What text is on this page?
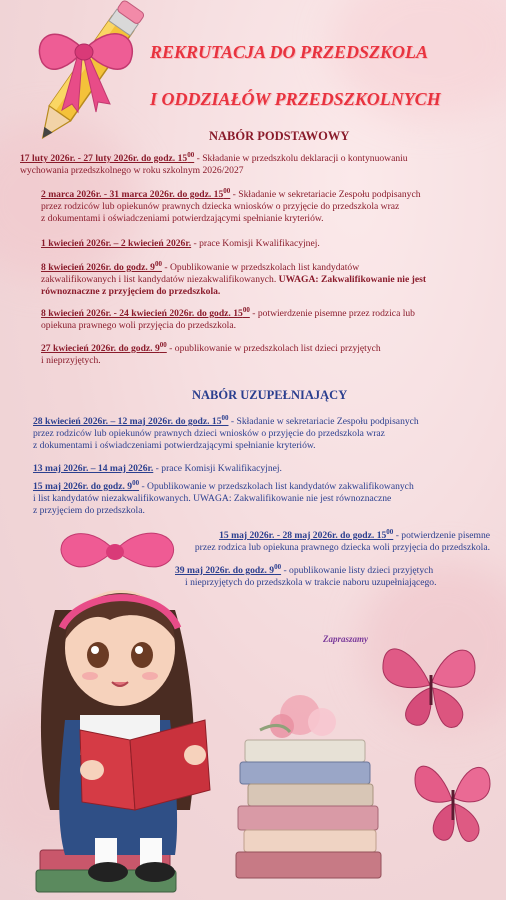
REKRUTACJA DO PRZEDSZKOLA
I ODDZIAŁÓW PRZEDSZKOLNYCH
NABÓR PODSTAWOWY
17 luty 2026r. - 27 luty 2026r. do godz. $15^{00}$ - Składanie w przedszkolu deklaracji o kontynuowaniu
wychowania przedszkolnego w roku szkolnym 2026/2027
2 marca 2026r. - 31 marca 2026r. do godz. $15^{00}$ - Składanie w sekretariacie Zespołu podpisanych
przez rodziców lub opiekunów prawnych dziecka wniosków o przyjęcie do przedszkola wraz
z dokumentami i oświadczeniami potwierdzającymi spełnianie kryteriów.
1 kwiecień 2026r. – 2 kwiecień 2026r. - prace Komisji Kwalifikacyjnej.
8 kwiecień 2026r. do godz. $9^{00}$ - Opublikowanie w przedszkolach list kandydatów
zakwalifikowanych i list kandydatów niezakwalifikowanych. UWAGA: Zakwalifikowanie nie jest
równoznaczne z przyjęciem do przedszkola.
8 kwiecień 2026r. - 24 kwiecień 2026r. do godz. $15^{00}$ - potwierdzenie pisemne przez rodzica lub
opiekuna prawnego woli przyjęcia do przedszkola.
27 kwiecień 2026r. do godz. $9^{00}$ - opublikowanie w przedszkolach list dzieci przyjętych
i nieprzyjętych.
NABÓR UZUPEŁNIAJĄCY
28 kwiecień 2026r. – 12 maj 2026r. do godz. $15^{00}$ - Składanie w sekretariacie Zespołu podpisanych
przez rodziców lub opiekunów prawnych dzieci wniosków o przyjęcie do przedszkola wraz
z dokumentami i oświadczeniami potwierdzającymi spełnianie kryteriów.
13 maj 2026r. – 14 maj 2026r. - prace Komisji Kwalifikacyjnej.
15 maj 2026r. do godz. $9^{00}$ - Opublikowanie w przedszkolach list kandydatów zakwalifikowanych
i list kandydatów niezakwalifikowanych. UWAGA: Zakwalifikowanie nie jest równoznaczne
z przyjęciem do przedszkola.
15 maj 2026r. - 28 maj 2026r. do godz. $15^{00}$ - potwierdzenie pisemne
przez rodzica lub opiekuna prawnego dziecka woli przyjęcia do przedszkola.
39 maj 2026r. do godz. $9^{00}$ - opublikowanie listy dzieci przyjętych
i nieprzyjętych do przedszkola w trakcie naboru uzupełniającego.
Zapraszamy
